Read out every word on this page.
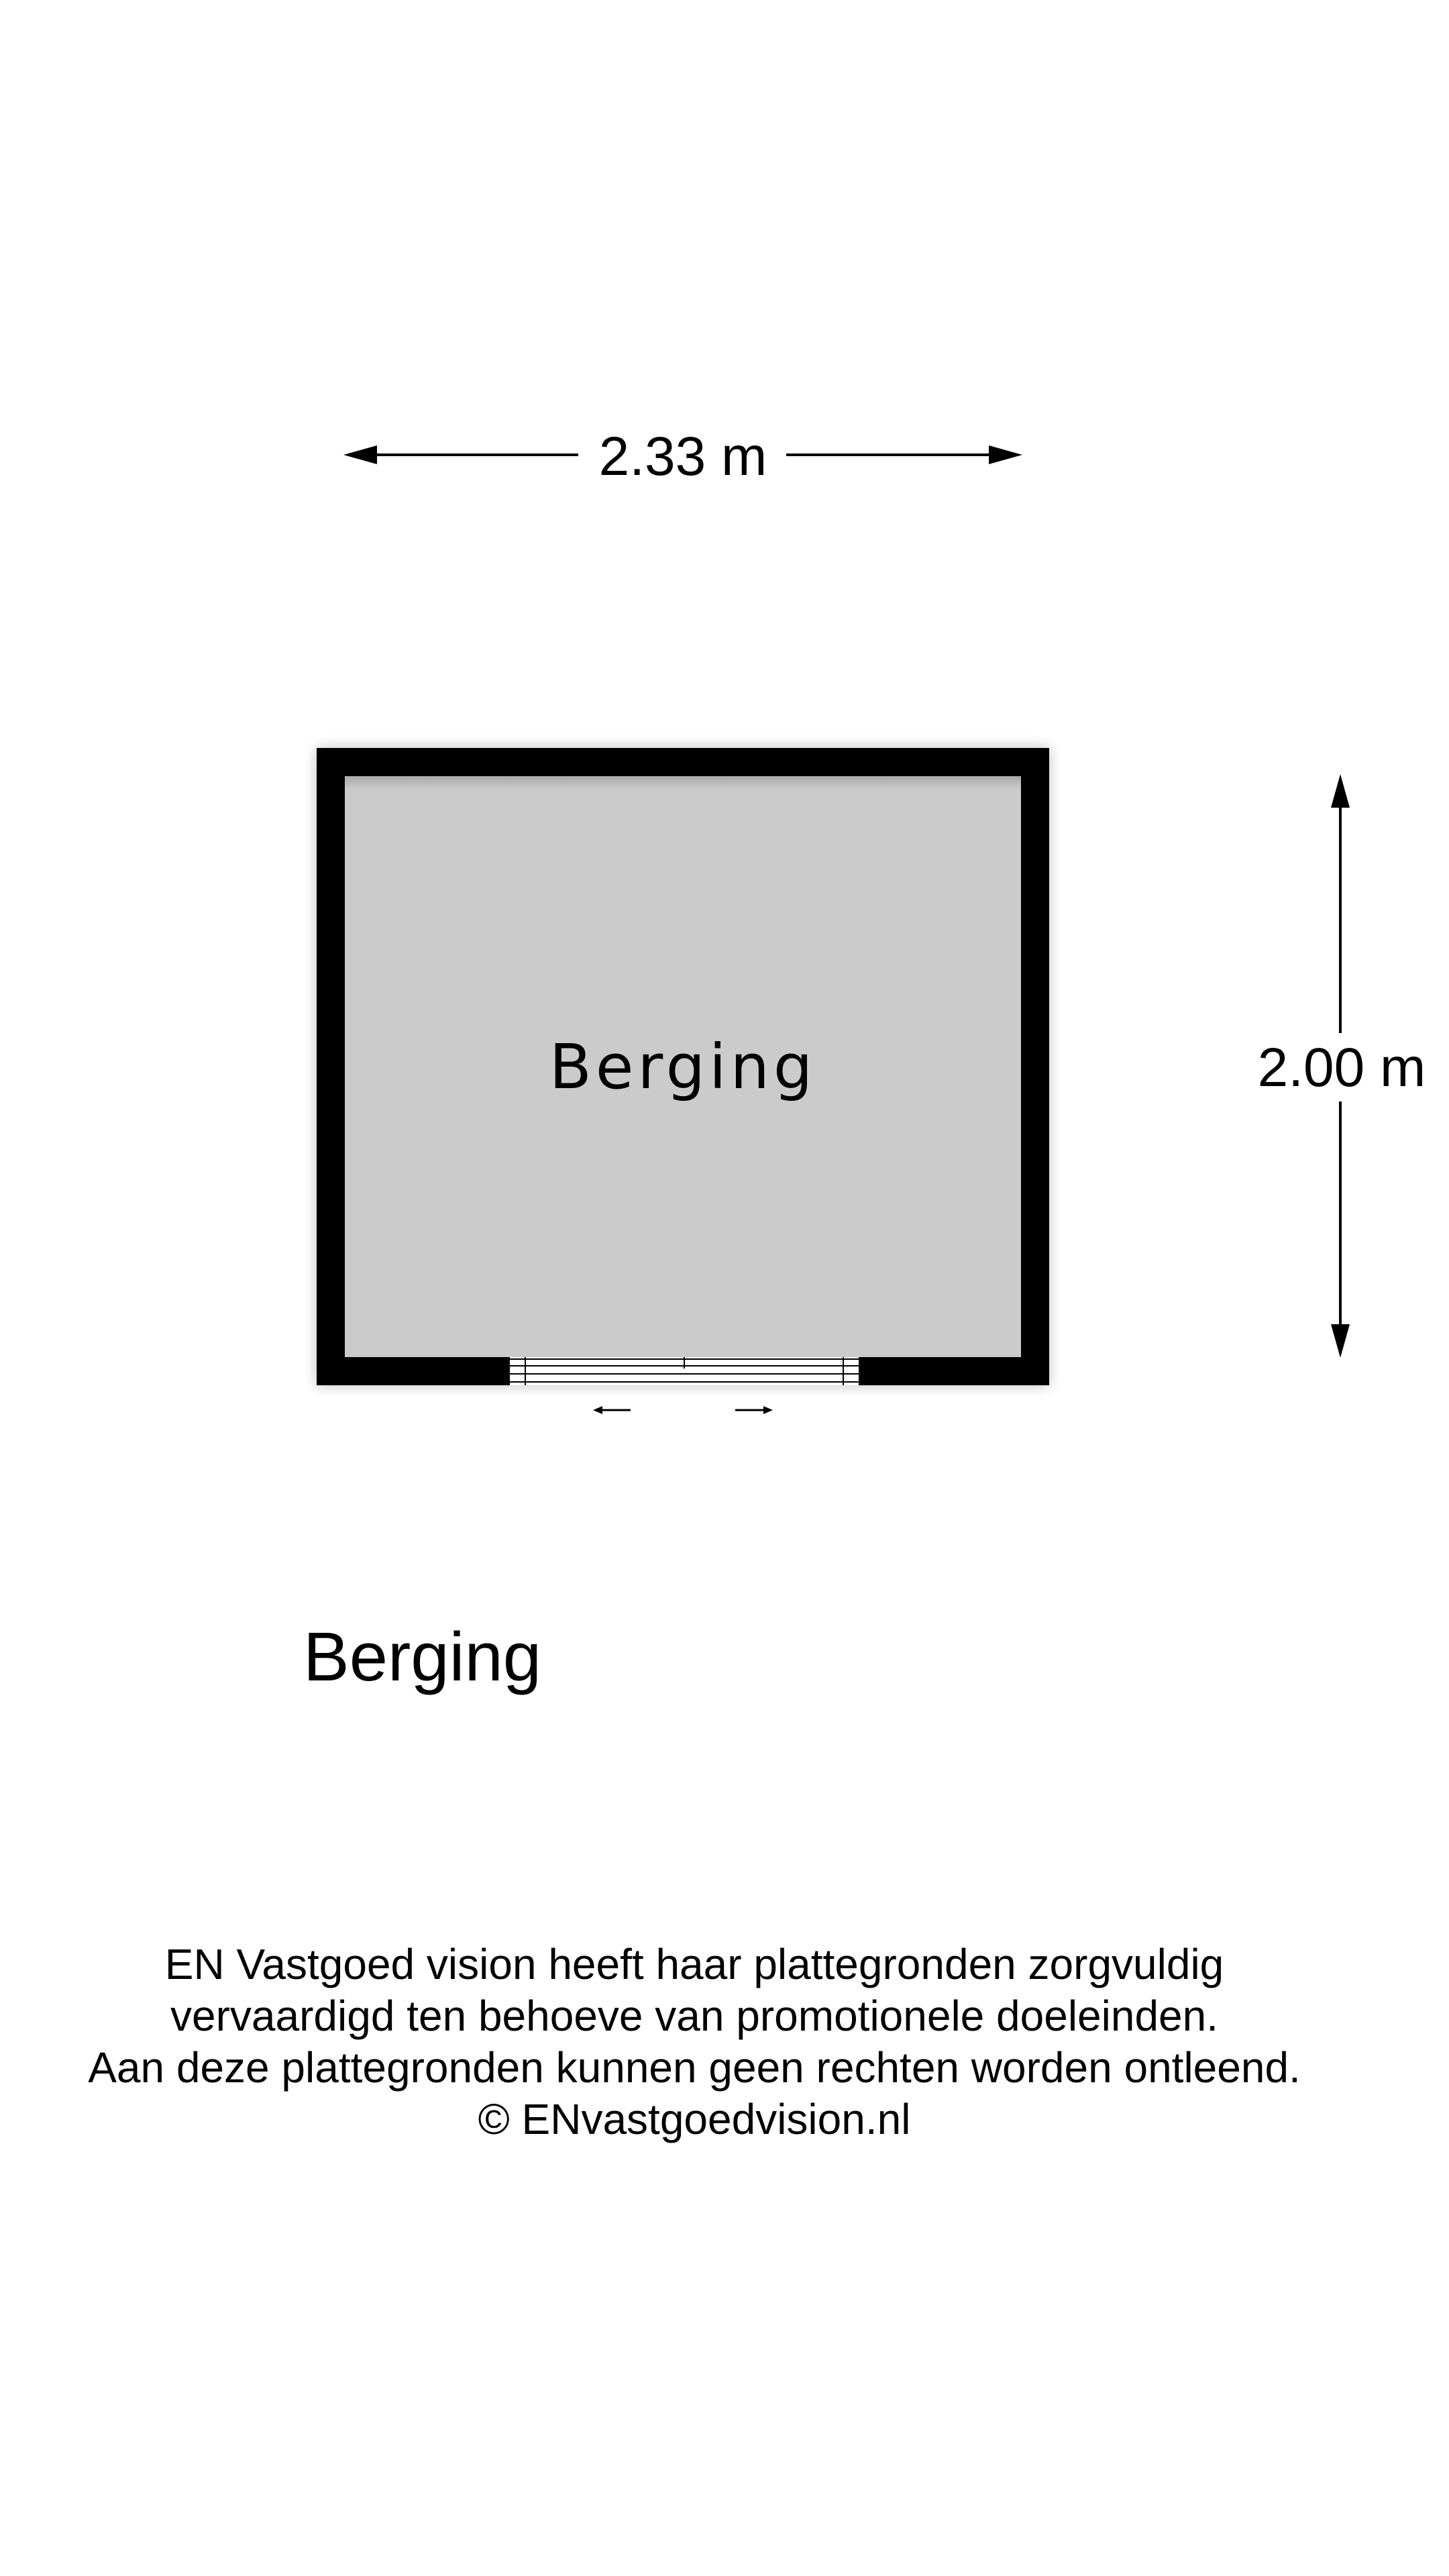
2.33 m
2.00 m
Berging
Berging
EN Vastgoed vision heeft haar plattegronden zorgvuldig
vervaardigd ten behoeve van promotionele doeleinden.
Aan deze plattegronden kunnen geen rechten worden ontleend.
© ENvastgoedvision.nl
